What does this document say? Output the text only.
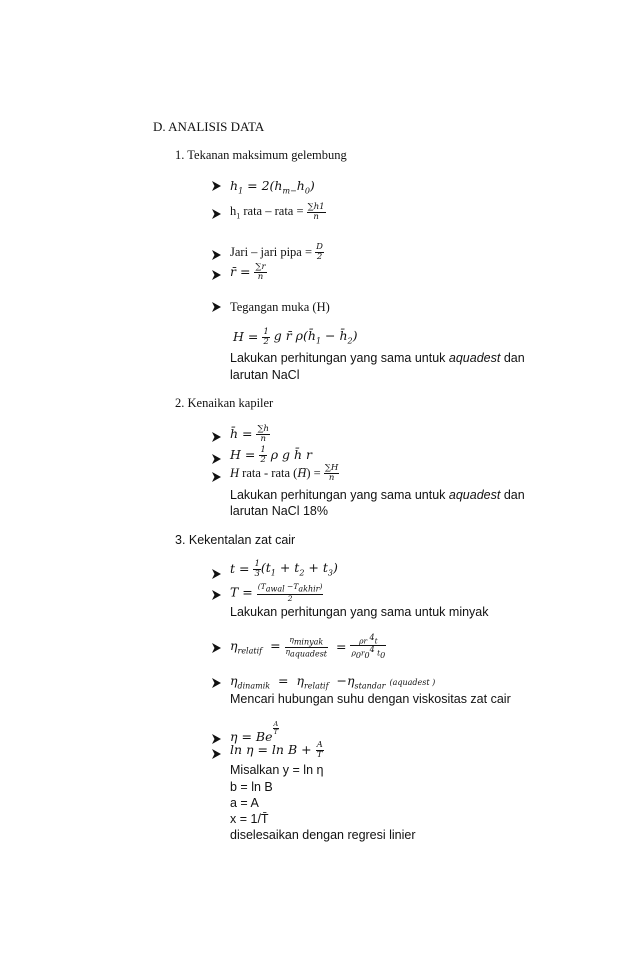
D. ANALISIS DATA
1. Tekanan maksimum gelembung
$h_1 = 2(h_{m-}h_0)$
$h_1$ rata – rata = $\frac{\sum h1}{n}$
Jari – jari pipa = $\frac{D}{2}$
r̄ = $\frac{\sum r}{n}$
Tegangan muka (H)
$H = \frac{1}{2}$ g r̄ $\rho(h̄_1$ − $h̄_2$)
Lakukan perhitungan yang sama untuk aquadest dan
larutan NaCl
2. Kenaikan kapiler
h̄ = $\frac{\sum h}{n}$
$H = \frac{1}{2}$ ρ g h̄ r
H rata - rata (H̄) = $\frac{\sum H}{n}$
Lakukan perhitungan yang sama untuk aquadest dan
larutan NaCl 18%
3. Kekentalan zat cair
$t = \frac{1}{3} (t_1 + t_2 + t_3)$
$T = \frac{(T_{awal} -T_{akhir})}{2}$
Lakukan perhitungan yang sama untuk minyak
$\eta_{relatif} = \frac{\eta_{minyak}}{\eta_{aquadest}} = \frac{\rho r ^4t}{\rho_0r_0^4 t_0}$
$\eta_{dinamik} = \eta_{relatif} -\eta_{standar}$ (aquadest )
Mencari hubungan suhu dengan viskositas zat cair
η = Be
$\frac{A}{T}$
$\ln \eta = \ln B + \frac{A}{T}$
Misalkan y = ln η
b = ln B
a = A
x = 1/T̄
diselesaikan dengan regresi linier
